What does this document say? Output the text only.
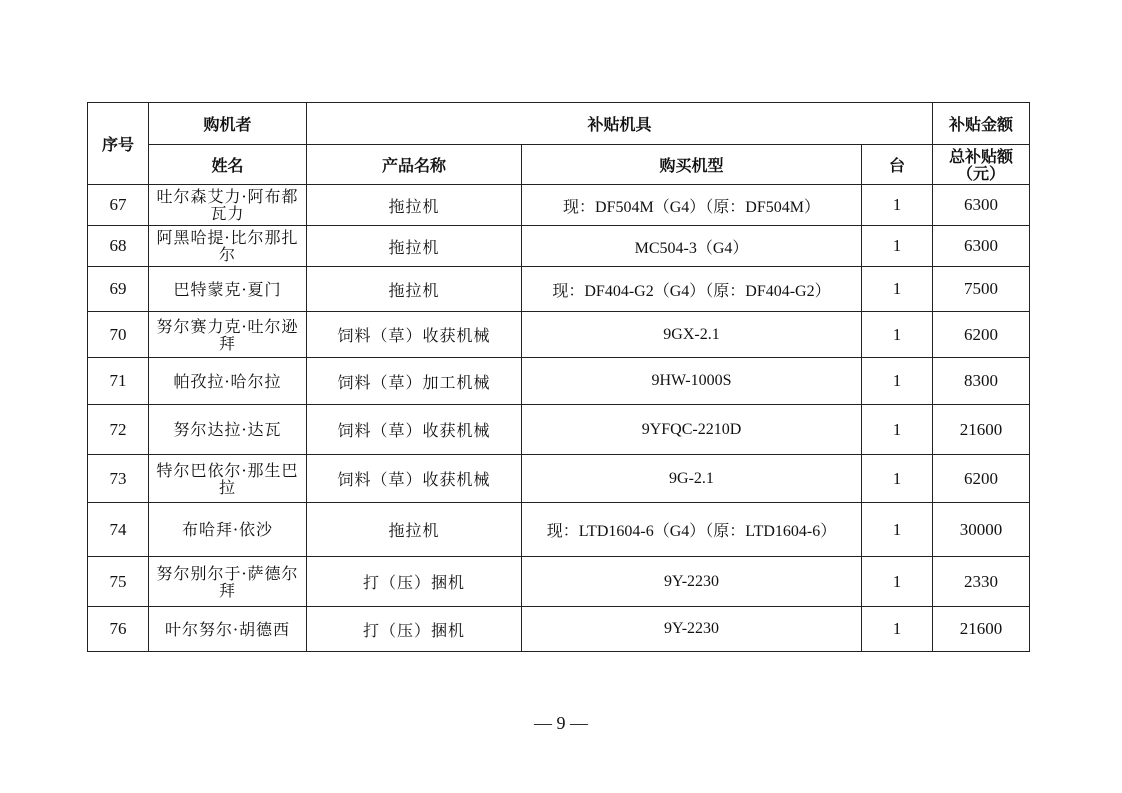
序号	购机者	补贴机具			补贴金额
	姓名	产品名称	购买机型	台	总补贴额
（元）

67	吐尔森艾力·阿布都瓦力	拖拉机	现：DF504M（G4）（原：DF504M）	1	6300
68	阿黑哈提·比尔那扎尔	拖拉机	MC504-3（G4）	1	6300
69	巴特蒙克·夏门	拖拉机	现：DF404-G2（G4）（原：DF404-G2）	1	7500
70	努尔赛力克·吐尔逊拜	饲料（草）收获机械	9GX-2.1	1	6200
71	帕孜拉·哈尔拉	饲料（草）加工机械	9HW-1000S	1	8300
72	努尔达拉·达瓦	饲料（草）收获机械	9YFQC-2210D	1	21600
73	特尔巴依尔·那生巴拉	饲料（草）收获机械	9G-2.1	1	6200
74	布哈拜·依沙	拖拉机	现：LTD1604-6（G4）（原：LTD1604-6）	1	30000
75	努尔别尔于·萨德尔拜	打（压）捆机	9Y-2230	1	2330
76	叶尔努尔·胡德西	打（压）捆机	9Y-2230	1	21600
— 9 —
